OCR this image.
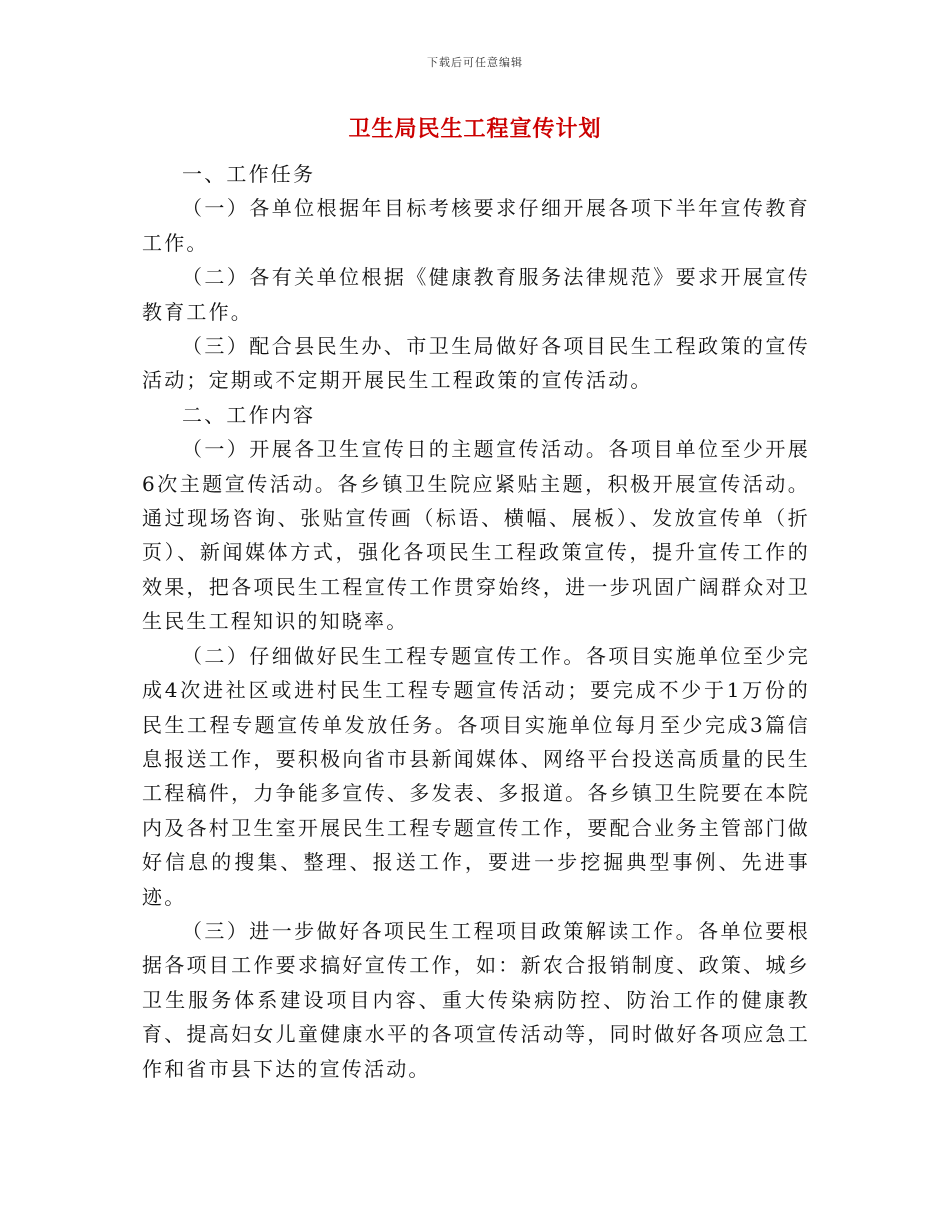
下载后可任意编辑
卫生局民生工程宣传计划

一、工作任务

（一）各单位根据年目标考核要求仔细开展各项下半年宣传教育工作。

（二）各有关单位根据《健康教育服务法律规范》要求开展宣传教育工作。

（三）配合县民生办、市卫生局做好各项目民生工程政策的宣传活动；定期或不定期开展民生工程政策的宣传活动。

二、工作内容

（一）开展各卫生宣传日的主题宣传活动。各项目单位至少开展6次主题宣传活动。各乡镇卫生院应紧贴主题，积极开展宣传活动。通过现场咨询、张贴宣传画（标语、横幅、展板）、发放宣传单（折页）、新闻媒体方式，强化各项民生工程政策宣传，提升宣传工作的效果，把各项民生工程宣传工作贯穿始终，进一步巩固广阔群众对卫生民生工程知识的知晓率。

（二）仔细做好民生工程专题宣传工作。各项目实施单位至少完成4次进社区或进村民生工程专题宣传活动；要完成不少于1万份的民生工程专题宣传单发放任务。各项目实施单位每月至少完成3篇信息报送工作，要积极向省市县新闻媒体、网络平台投送高质量的民生工程稿件，力争能多宣传、多发表、多报道。各乡镇卫生院要在本院内及各村卫生室开展民生工程专题宣传工作，要配合业务主管部门做好信息的搜集、整理、报送工作，要进一步挖掘典型事例、先进事迹。

（三）进一步做好各项民生工程项目政策解读工作。各单位要根据各项目工作要求搞好宣传工作，如：新农合报销制度、政策、城乡卫生服务体系建设项目内容、重大传染病防控、防治工作的健康教育、提高妇女儿童健康水平的各项宣传活动等，同时做好各项应急工作和省市县下达的宣传活动。
